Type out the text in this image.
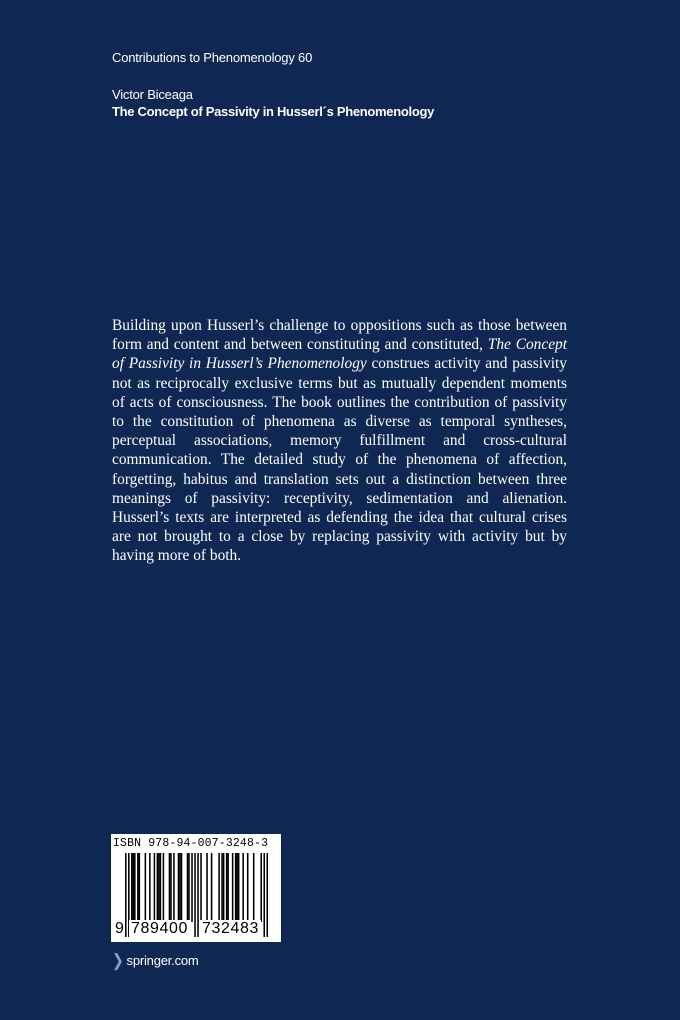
Contributions to Phenomenology 60
Victor Biceaga
The Concept of Passivity in Husserl´s Phenomenology

Building upon Husserl’s challenge to oppositions such as those between form and content and between constituting and constituted, The Concept of Passivity in Husserl’s Phenomenology construes activity and passivity not as reciprocally exclusive terms but as mutually dependent moments of acts of consciousness. The book outlines the contribution of passivity to the constitution of phenomena as diverse as temporal syntheses, perceptual associations, memory fulfillment and cross-cultural communication. The detailed study of the phenomena of affection, forgetting, habitus and translation sets out a distinction between three meanings of passivity: receptivity, sedimentation and alienation. Husserl’s texts are interpreted as defending the idea that cultural crises are not brought to a close by replacing passivity with activity but by having more of both.

ISBN 978-94-007-3248-3
9 789400 732483
❯ springer.com
